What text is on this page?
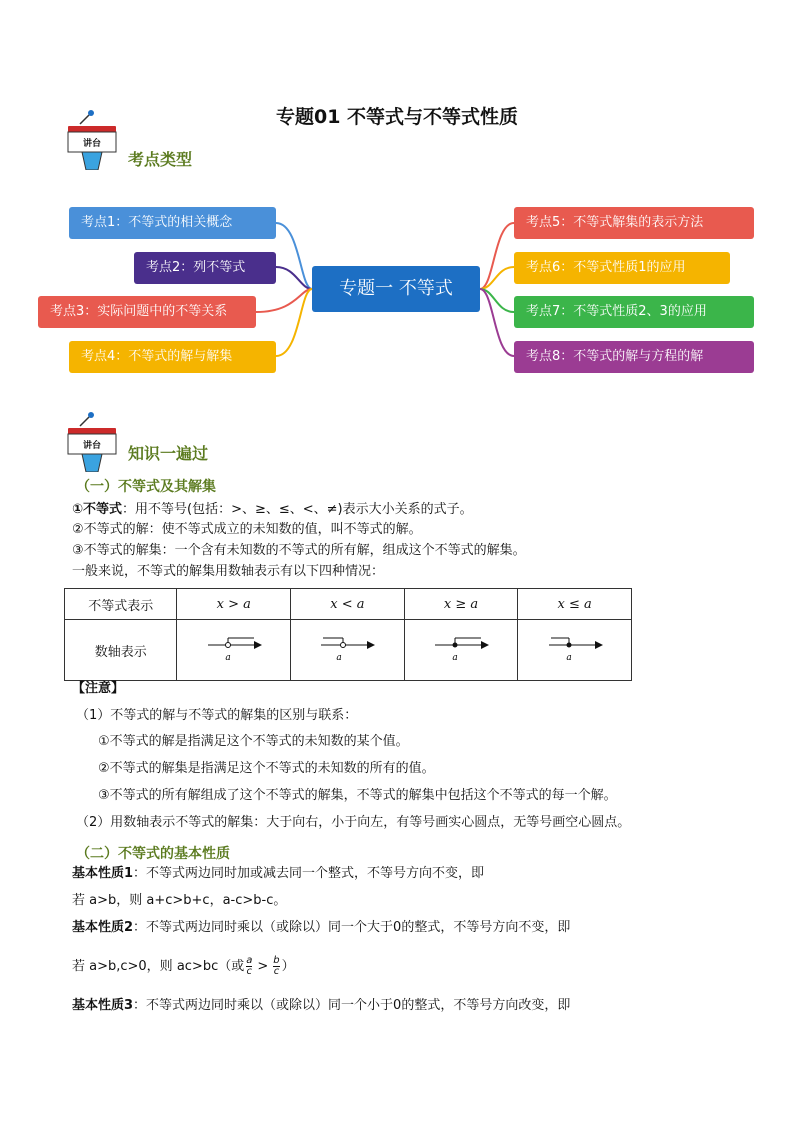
专题01 不等式与不等式性质
讲台
考点类型
考点1：不等式的相关概念
考点2：列不等式
考点3：实际问题中的不等关系
考点4：不等式的解与解集
专题一 不等式
考点5：不等式解集的表示方法
考点6：不等式性质1的应用
考点7：不等式性质2、3的应用
考点8：不等式的解与方程的解
讲台 知识一遍过
（一）不等式及其解集
①不等式：用不等号(包括：>、≥、≤、<、≠)表示大小关系的式子。
②不等式的解：使不等式成立的未知数的值，叫不等式的解。
③不等式的解集：一个含有未知数的不等式的所有解，组成这个不等式的解集。
一般来说，不等式的解集用数轴表示有以下四种情况：
不等式表示	x > a	x < a	x ≥ a	x ≤ a
数轴表示	a	a	a	a
【注意】
（1）不等式的解与不等式的解集的区别与联系：
①不等式的解是指满足这个不等式的未知数的某个值。
②不等式的解集是指满足这个不等式的未知数的所有的值。
③不等式的所有解组成了这个不等式的解集，不等式的解集中包括这个不等式的每一个解。
（2）用数轴表示不等式的解集：大于向右，小于向左，有等号画实心圆点，无等号画空心圆点。
（二）不等式的基本性质
基本性质1：不等式两边同时加或减去同一个整式，不等号方向不变，即
若 a>b，则 a+c>b+c，a-c>b-c。
基本性质2：不等式两边同时乘以（或除以）同一个大于0的整式，不等号方向不变，即
若 a>b,c>0，则 ac>bc（或 $\frac{a}{c} > \frac{b}{c}$ ）
基本性质3：不等式两边同时乘以（或除以）同一个小于0的整式，不等号方向改变，即
